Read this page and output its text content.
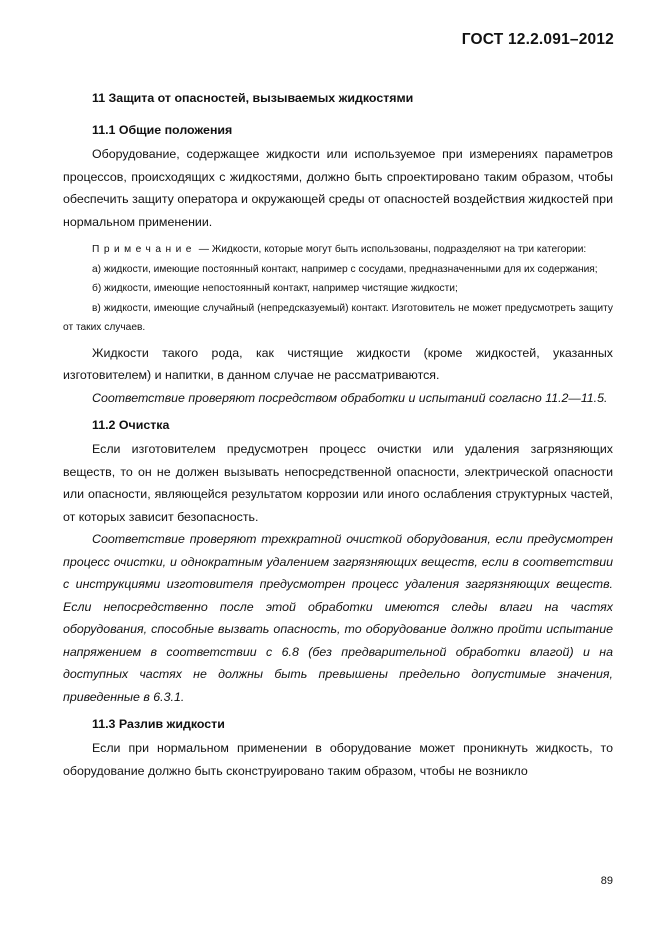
ГОСТ 12.2.091–2012
11 Защита от опасностей, вызываемых жидкостями
11.1 Общие положения

Оборудование, содержащее жидкости или используемое при измерениях параметров процессов, происходящих с жидкостями, должно быть спроектировано таким образом, чтобы обеспечить защиту оператора и окружающей среды от опасностей воздействия жидкостей при нормальном применении.

Примечание — Жидкости, которые могут быть использованы, подразделяют на три категории:

а) жидкости, имеющие постоянный контакт, например с сосудами, предназначенными для их содержания;

б) жидкости, имеющие непостоянный контакт, например чистящие жидкости;

в) жидкости, имеющие случайный (непредсказуемый) контакт. Изготовитель не может предусмотреть защиту от таких случаев.

Жидкости такого рода, как чистящие жидкости (кроме жидкостей, указанных изготовителем) и напитки, в данном случае не рассматриваются.

Соответствие проверяют посредством обработки и испытаний согласно 11.2—11.5.

11.2 Очистка

Если изготовителем предусмотрен процесс очистки или удаления загрязняющих веществ, то он не должен вызывать непосредственной опасности, электрической опасности или опасности, являющейся результатом коррозии или иного ослабления структурных частей, от которых зависит безопасность.

Соответствие проверяют трехкратной очисткой оборудования, если предусмотрен процесс очистки, и однократным удалением загрязняющих веществ, если в соответствии с инструкциями изготовителя предусмотрен процесс удаления загрязняющих веществ. Если непосредственно после этой обработки имеются следы влаги на частях оборудования, способные вызвать опасность, то оборудование должно пройти испытание напряжением в соответствии с 6.8 (без предварительной обработки влагой) и на доступных частях не должны быть превышены предельно допустимые значения, приведенные в 6.3.1.

11.3 Разлив жидкости

Если при нормальном применении в оборудование может проникнуть жидкость, то оборудование должно быть сконструировано таким образом, чтобы не возникло

89
